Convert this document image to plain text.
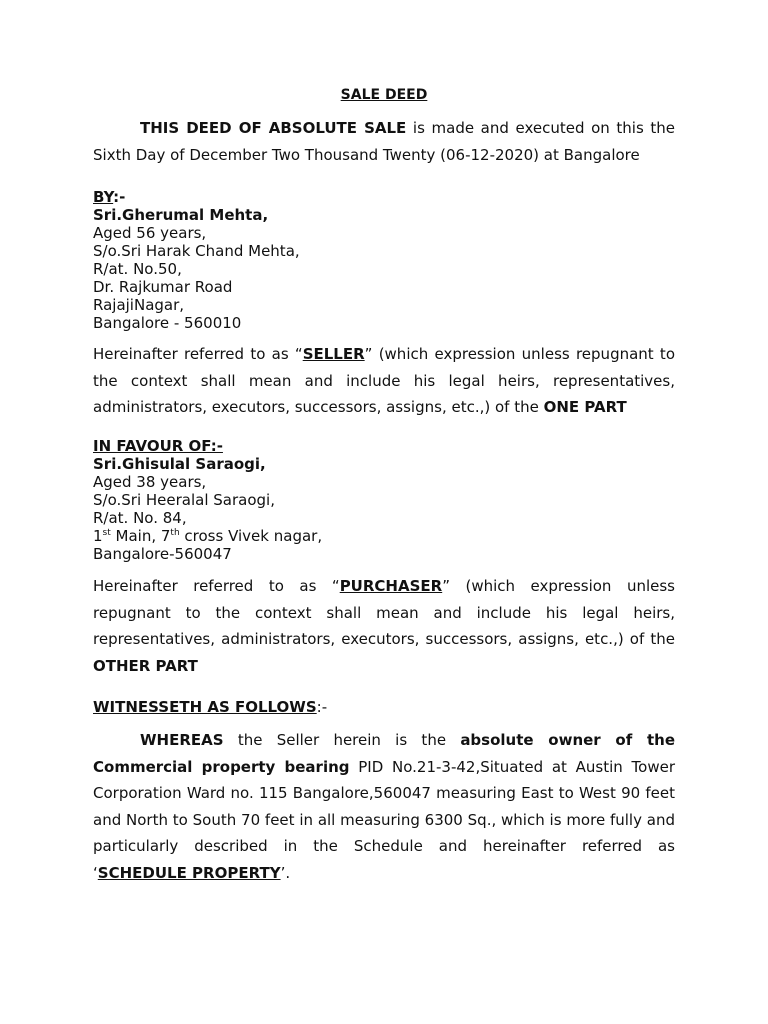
SALE DEED
THIS DEED OF ABSOLUTE SALE is made and executed on this the Sixth Day of December Two Thousand Twenty (06-12-2020) at Bangalore
BY:-
Sri.Gherumal Mehta,
Aged 56 years,
S/o.Sri Harak Chand Mehta,
R/at. No.50,
Dr. Rajkumar Road
RajajiNagar,
Bangalore - 560010
Hereinafter referred to as “SELLER” (which expression unless repugnant to the context shall mean and include his legal heirs, representatives, administrators, executors, successors, assigns, etc.,) of the ONE PART
IN FAVOUR OF:-
Sri.Ghisulal Saraogi,
Aged 38 years,
S/o.Sri Heeralal Saraogi,
R/at. No. 84,
1st Main, 7th cross Vivek nagar,
Bangalore-560047
Hereinafter referred to as “PURCHASER” (which expression unless repugnant to the context shall mean and include his legal heirs, representatives, administrators, executors, successors, assigns, etc.,) of the OTHER PART
WITNESSETH AS FOLLOWS:-
WHEREAS the Seller herein is the absolute owner of the Commercial property bearing PID No.21-3-42,Situated at Austin Tower Corporation Ward no. 115 Bangalore,560047 measuring East to West 90 feet and North to South 70 feet in all measuring 6300 Sq., which is more fully and particularly described in the Schedule and hereinafter referred as ‘SCHEDULE PROPERTY’.
